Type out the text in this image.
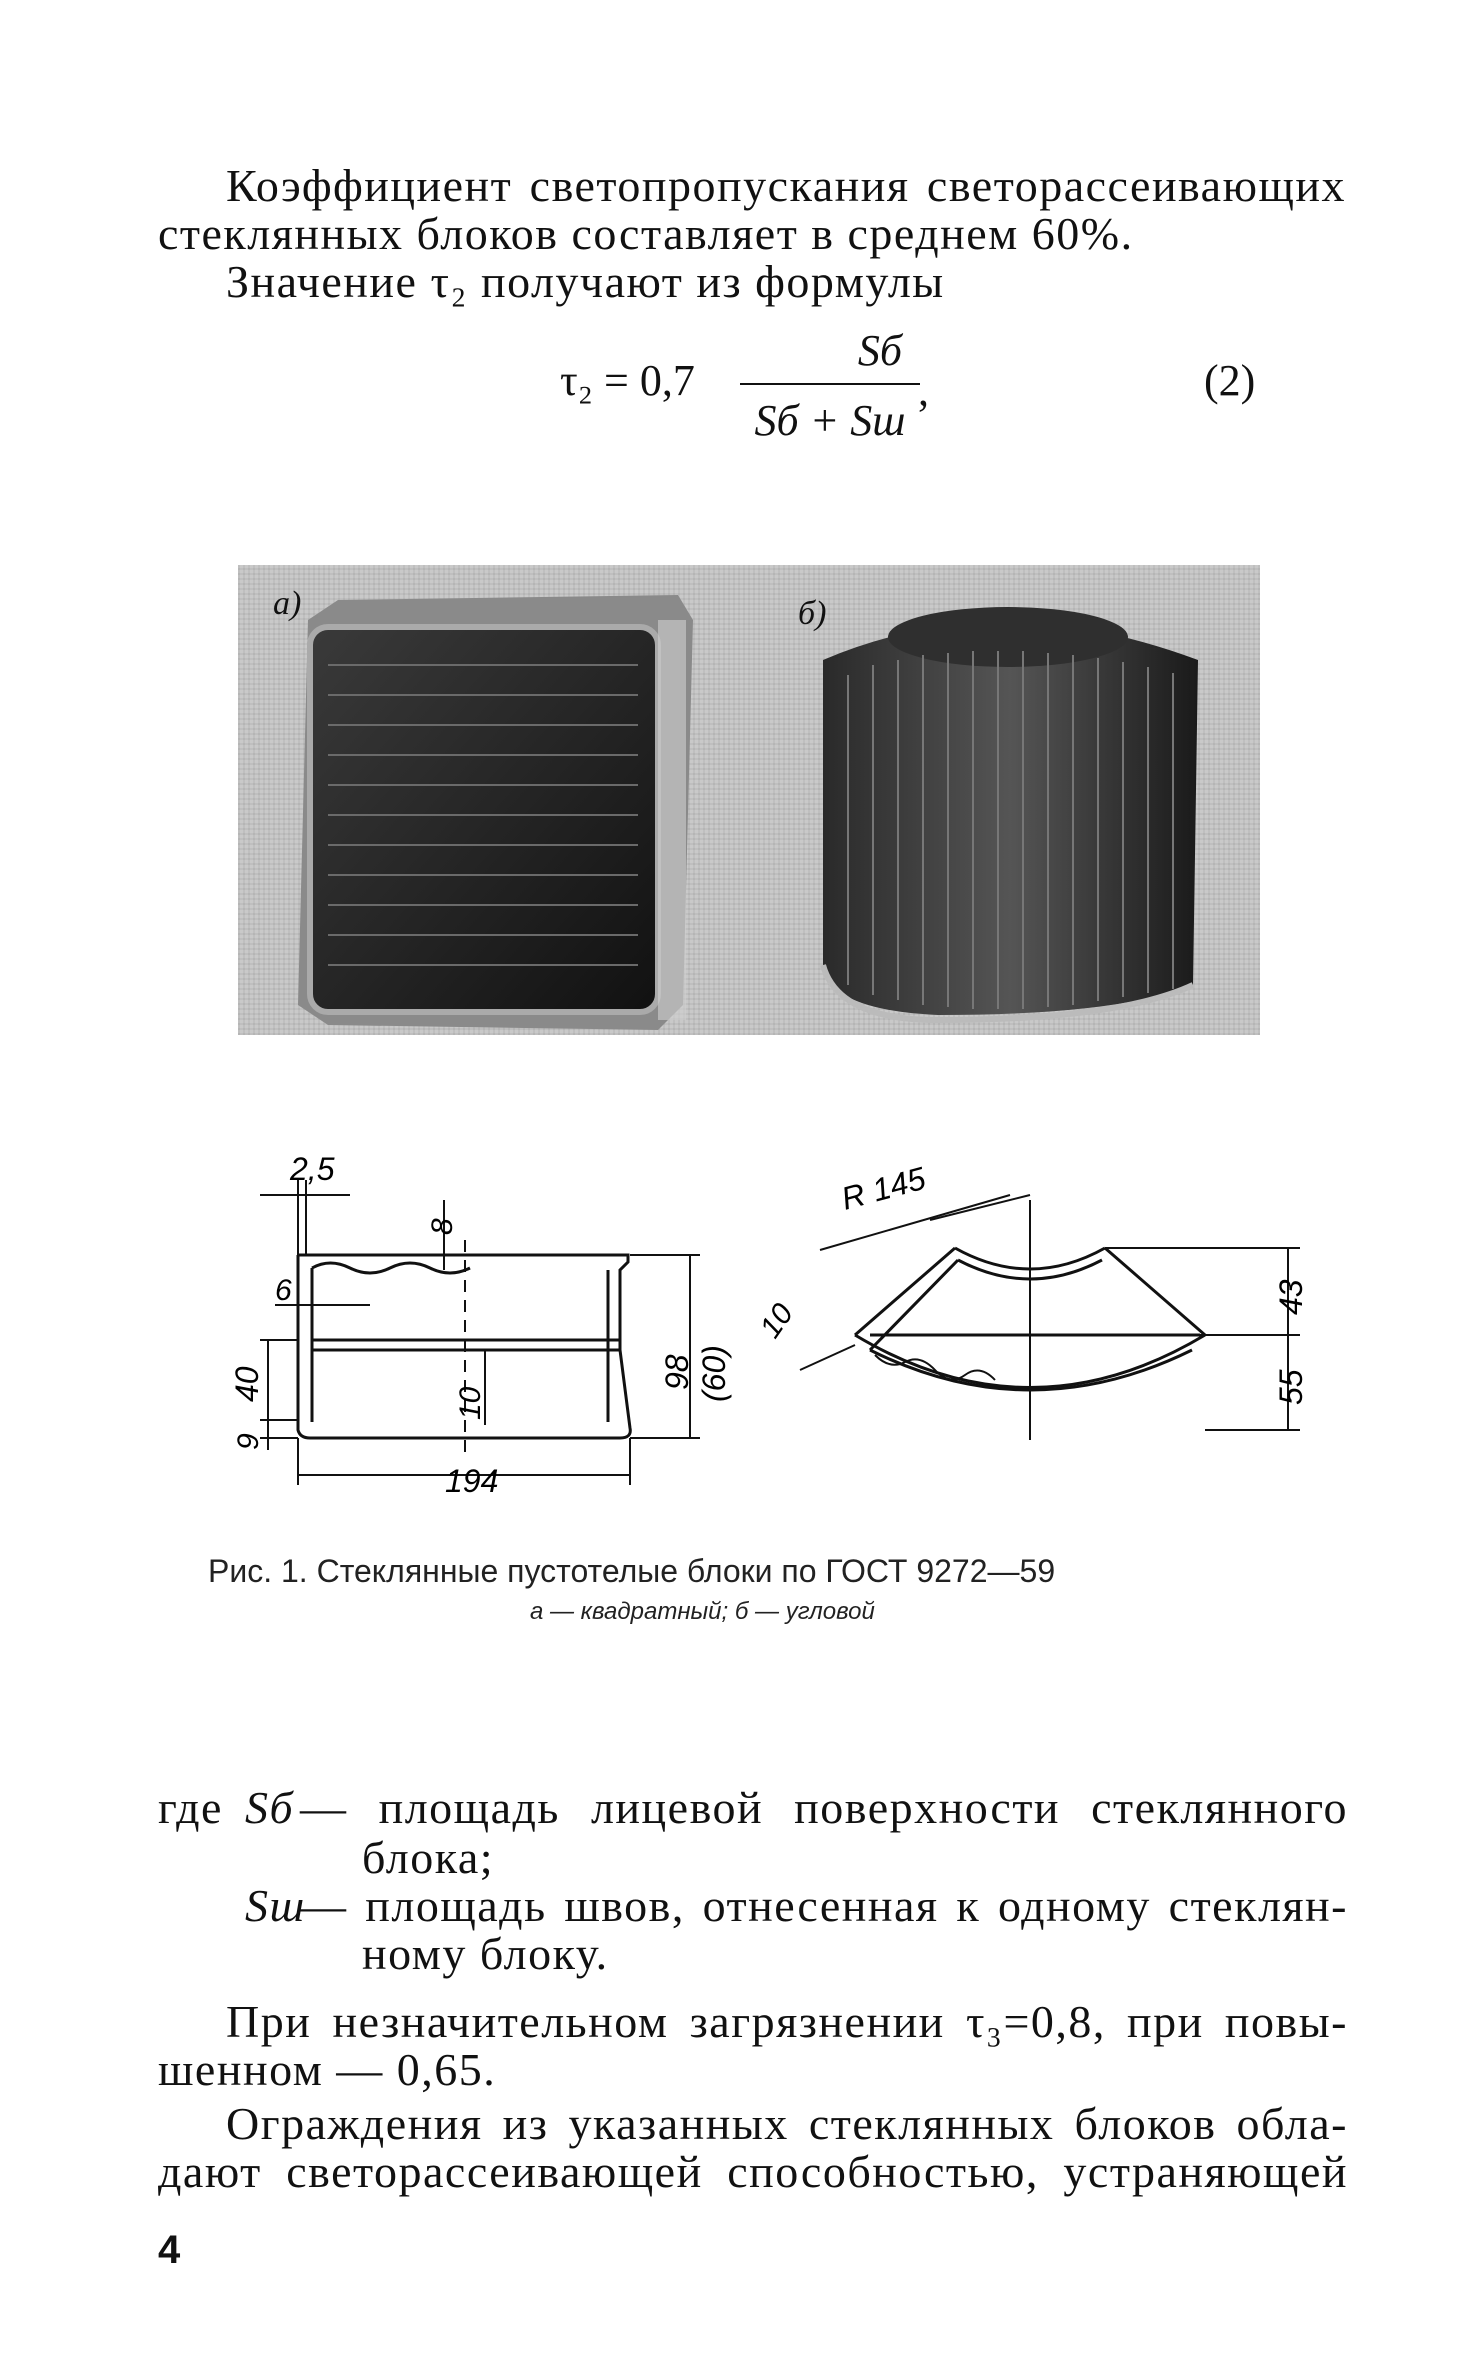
Коэффициент светопропускания светорассеивающих
стеклянных блоков составляет в среднем 60%.
Значение τ₂ получают из формулы
τ₂ = 0,7
Sб
Sб + Sш
,	(2)
а)	б)
2,5
8
6
40
9
10
98 (60)
194
R 145
10
43
55
Рис. 1. Стеклянные пустотелые блоки по ГОСТ 9272—59
а — квадратный; б — угловой
где Sб — площадь лицевой поверхности стеклянного
блока;
Sш
— площадь швов, отнесенная к одному стеклян-
ному блоку.
При незначительном загрязнении τ₃=0,8, при повы-
шенном — 0,65.
Ограждения из указанных стеклянных блоков обла-
дают светорассеивающей способностью, устраняющей
4
